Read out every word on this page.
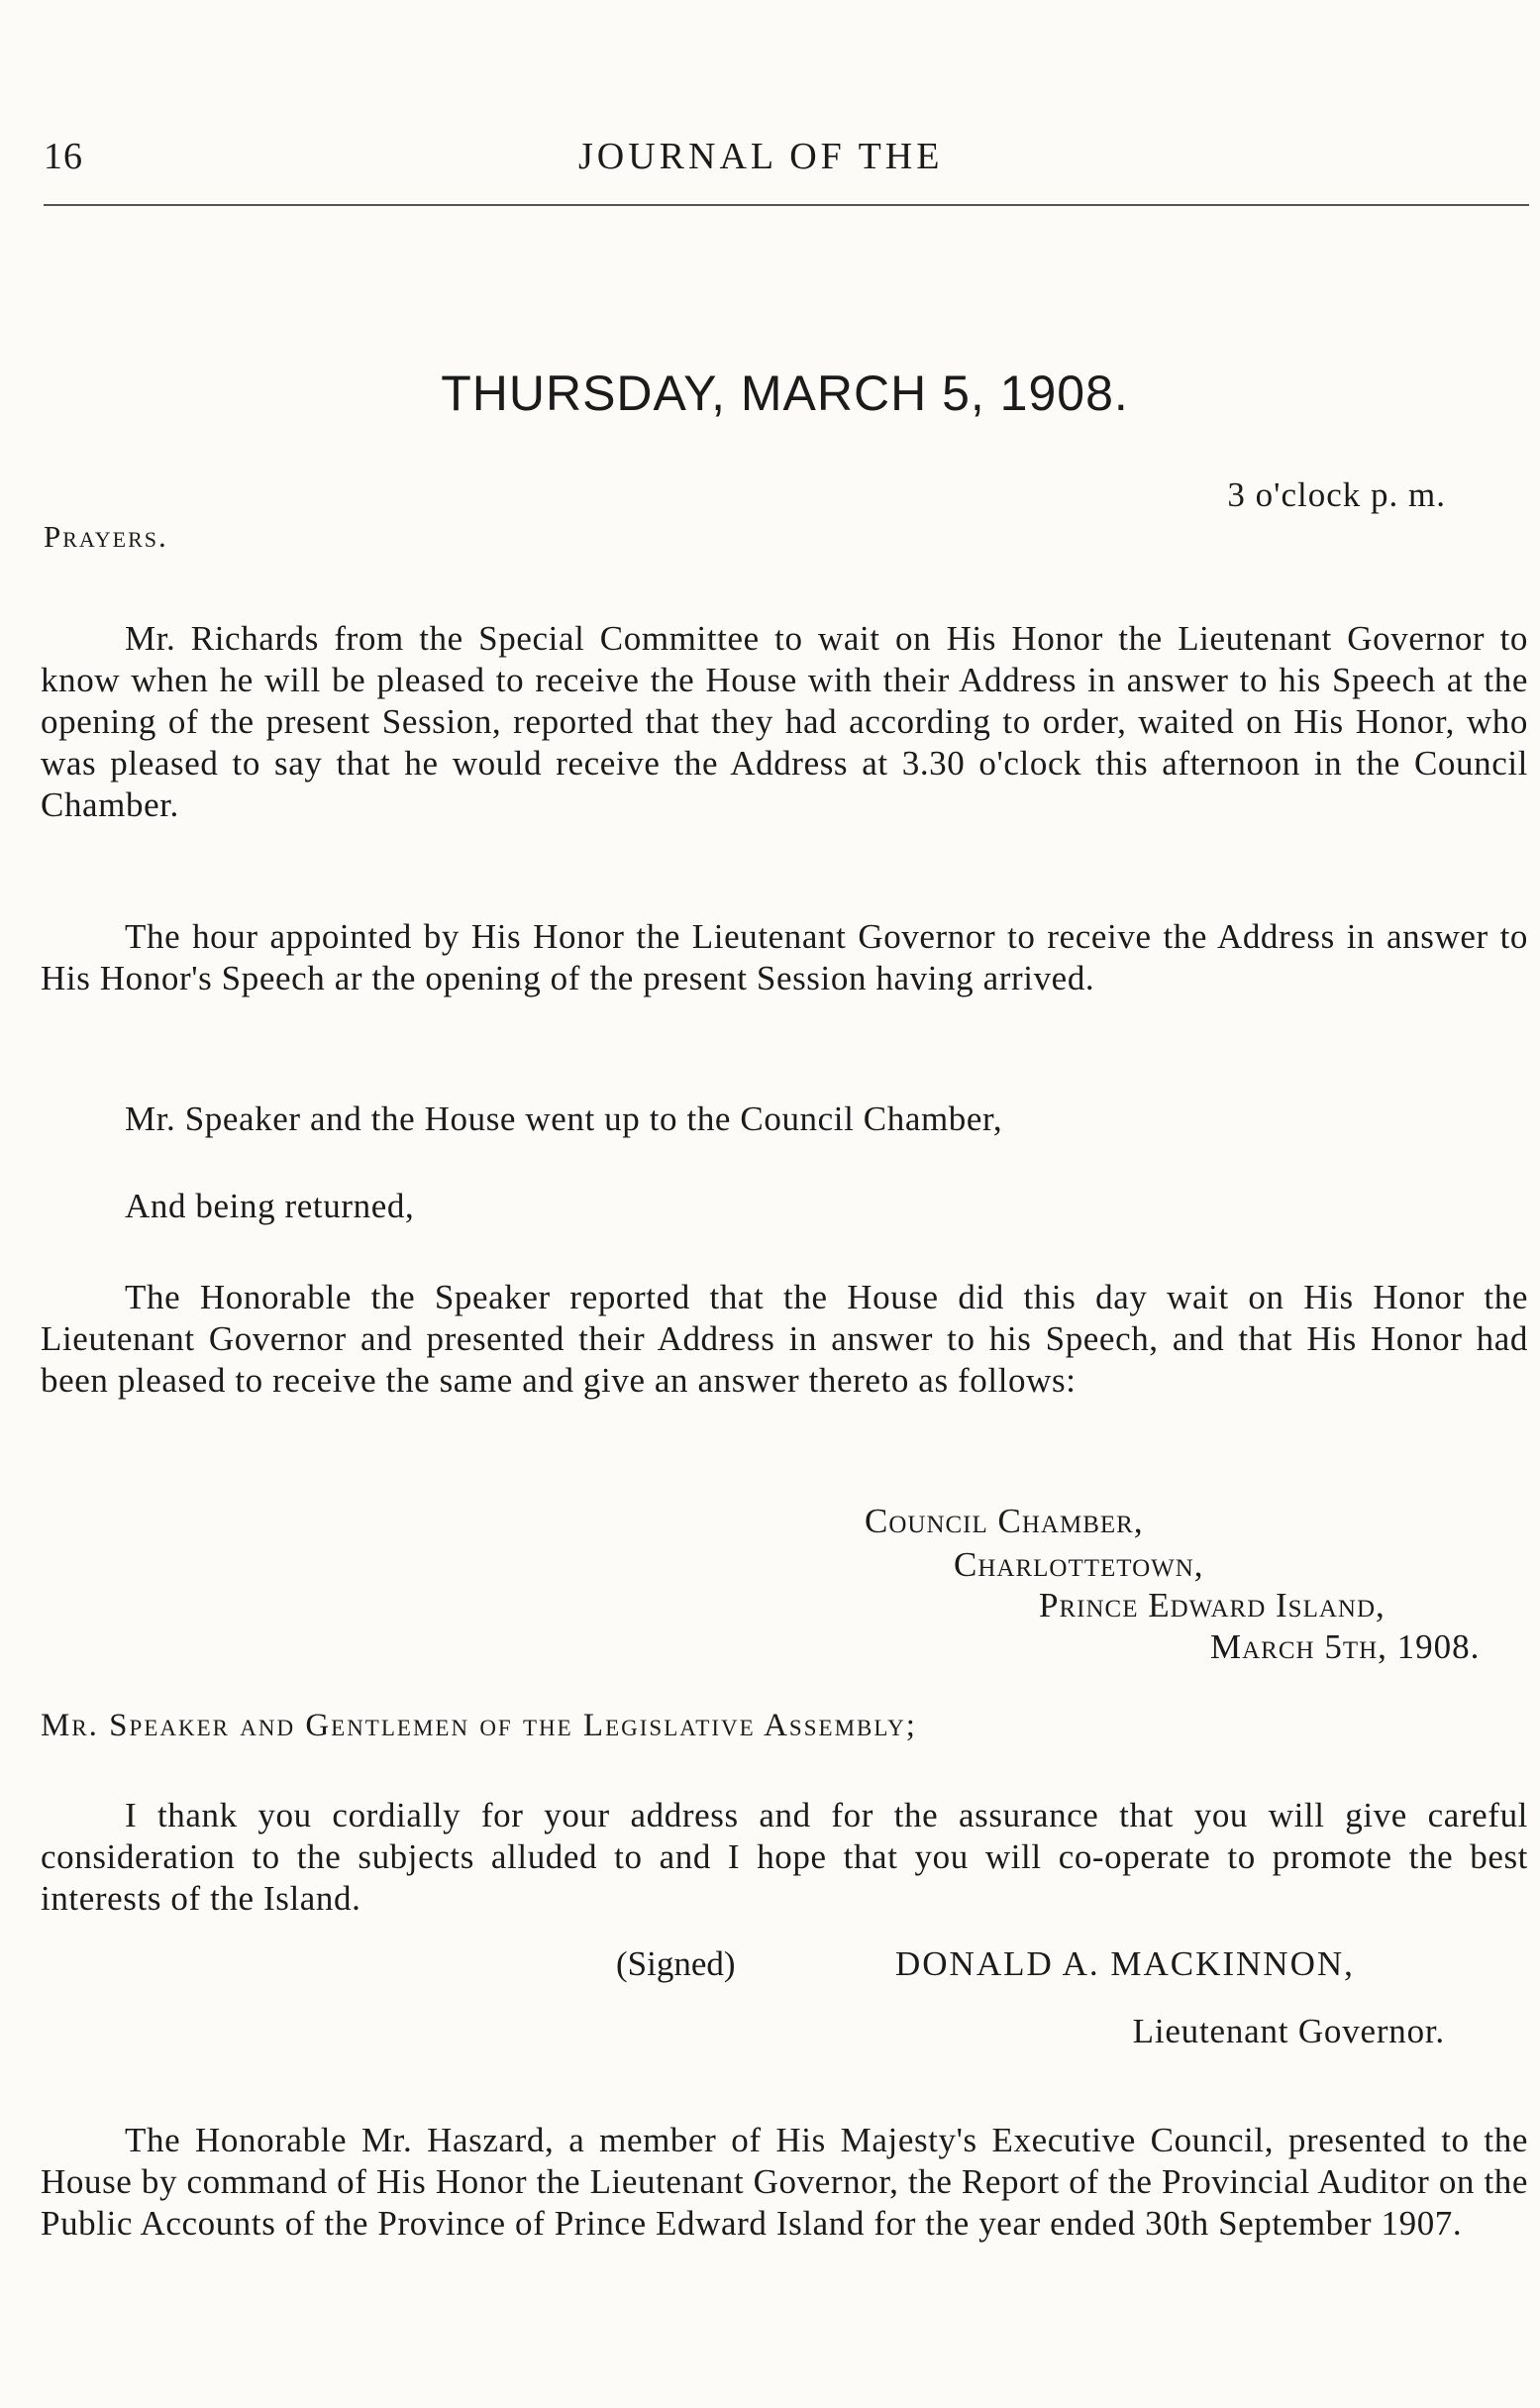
16	JOURNAL OF THE
THURSDAY, MARCH 5, 1908.
3 o'clock p. m.
Prayers.

Mr. Richards from the Special Committee to wait on His Honor the Lieutenant Governor to know when he will be pleased to receive the House with their Address in answer to his Speech at the opening of the present Session, reported that they had according to order, waited on His Honor, who was pleased to say that he would receive the Address at 3.30 o'clock this afternoon in the Council Chamber.

The hour appointed by His Honor the Lieutenant Governor to receive the Address in answer to His Honor's Speech ar the opening of the present Session having arrived.

Mr. Speaker and the House went up to the Council Chamber,
And being returned,

The Honorable the Speaker reported that the House did this day wait on His Honor the Lieutenant Governor and presented their Address in answer to his Speech, and that His Honor had been pleased to receive the same and give an answer thereto as follows:

Council Chamber,
Charlottetown,
Prince Edward Island,
March 5th, 1908.
Mr. Speaker and Gentlemen of the Legislative Assembly;

I thank you cordially for your address and for the assurance that you will give careful consideration to the subjects alluded to and I hope that you will co-operate to promote the best interests of the Island.

(Signed)	DONALD A. MACKINNON,
Lieutenant Governor.

The Honorable Mr. Haszard, a member of His Majesty's Executive Council, presented to the House by command of His Honor the Lieutenant Governor, the Report of the Provincial Auditor on the Public Accounts of the Province of Prince Edward Island for the year ended 30th September 1907.
